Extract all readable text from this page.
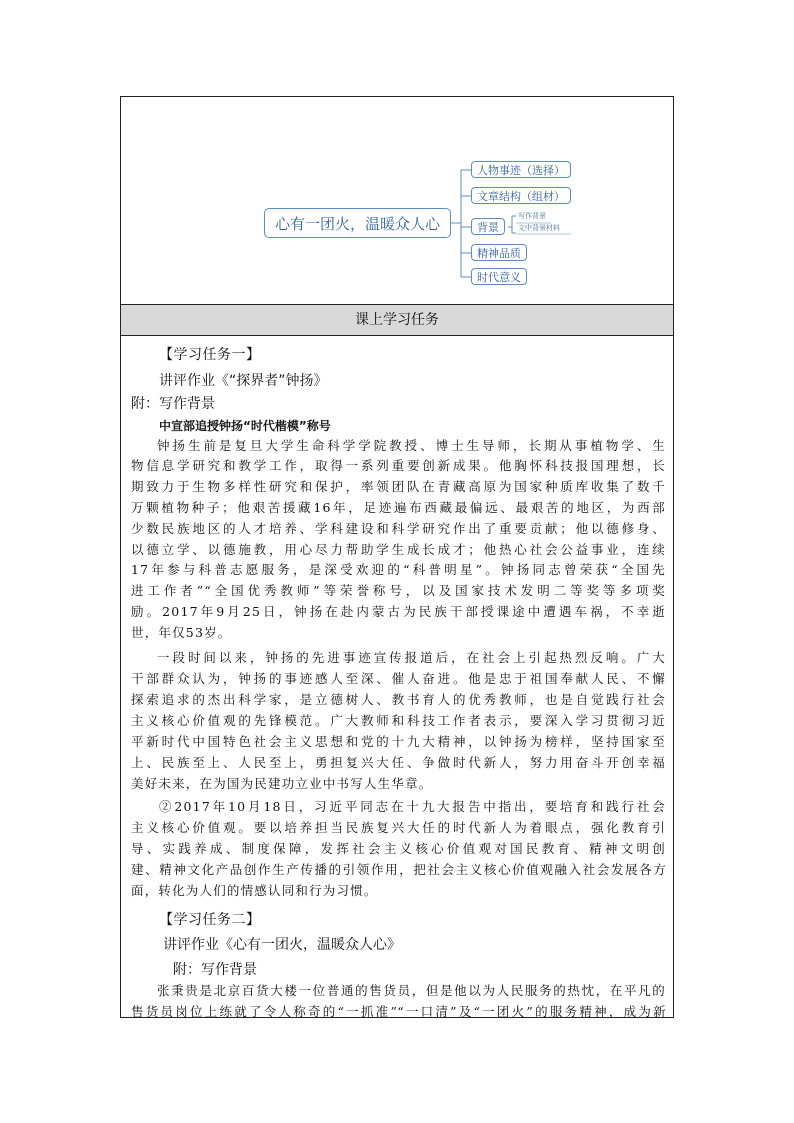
心有一团火，温暖众人心
人物事迹（选择）
文章结构（组材）
背景
精神品质
时代意义
写作背景
文中背景材料
课上学习任务
【学习任务一】
讲评作业《“探界者”钟扬》
附：写作背景
中宣部追授钟扬“时代楷模”称号
钟扬生前是复旦大学生命科学学院教授、博士生导师，长期从事植物学、生
物信息学研究和教学工作，取得一系列重要创新成果。他胸怀科技报国理想，长
期致力于生物多样性研究和保护，率领团队在青藏高原为国家种质库收集了数千
万颗植物种子；他艰苦援藏16年，足迹遍布西藏最偏远、最艰苦的地区，为西部
少数民族地区的人才培养、学科建设和科学研究作出了重要贡献；他以德修身、
以德立学、以德施教，用心尽力帮助学生成长成才；他热心社会公益事业，连续
17年参与科普志愿服务，是深受欢迎的“科普明星”。钟扬同志曾荣获“全国先
进工作者”“全国优秀教师”等荣誉称号，以及国家技术发明二等奖等多项奖
励。2017年9月25日，钟扬在赴内蒙古为民族干部授课途中遭遇车祸，不幸逝
世，年仅53岁。
一段时间以来，钟扬的先进事迹宣传报道后，在社会上引起热烈反响。广大
干部群众认为，钟扬的事迹感人至深、催人奋进。他是忠于祖国奉献人民、不懈
探索追求的杰出科学家，是立德树人、教书育人的优秀教师，也是自觉践行社会
主义核心价值观的先锋模范。广大教师和科技工作者表示，要深入学习贯彻习近
平新时代中国特色社会主义思想和党的十九大精神，以钟扬为榜样，坚持国家至
上、民族至上、人民至上，勇担复兴大任、争做时代新人，努力用奋斗开创幸福
美好未来，在为国为民建功立业中书写人生华章。
②2017年10月18日，习近平同志在十九大报告中指出，要培育和践行社会
主义核心价值观。要以培养担当民族复兴大任的时代新人为着眼点，强化教育引
导、实践养成、制度保障，发挥社会主义核心价值观对国民教育、精神文明创
建、精神文化产品创作生产传播的引领作用，把社会主义核心价值观融入社会发展各方
面，转化为人们的情感认同和行为习惯。
【学习任务二】
讲评作业《心有一团火，温暖众人心》
附：写作背景
张秉贵是北京百货大楼一位普通的售货员，但是他以为人民服务的热忱，在平凡的
售货员岗位上练就了令人称奇的“一抓准”“一口清”及“一团火”的服务精神，成为新
